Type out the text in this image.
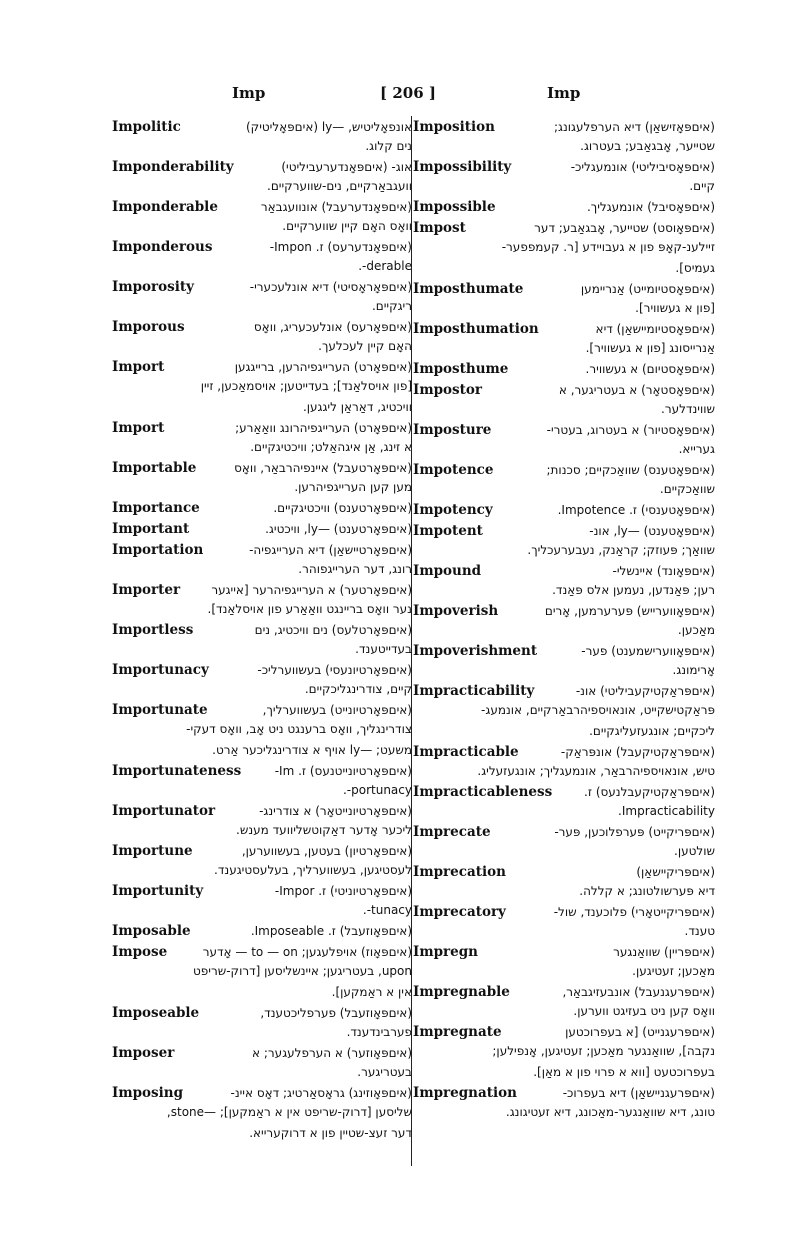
Imp	[ 206 ]	Imp
Impolitic	אונפאָליטיש, —ly (איםפּאָליטיק)
נים קלוג.
Imponderability	אוג- (איםפּאָנדערעביליטי)
וועגבאַרקיים, נים-שווערקיים.
Imponderable	(איםפּאָנדערעבל) אונוועגבאַר
וואָס האָם קיין שווערקיים.
Imponderous	(איםפּאָנדערעס) ז. Impon-
derable-.
Imporosity	(איםפּאָראָסיטי) דיא אונלעכערי-
ריגקיים.
Imporous	(איםפּאָרעס) אונלעכעריג, וואָס
האָם קיין לעכלעך.
Import	(איםפּאָרט) הערייגפיהרען, ברייגגען
[פון אויסלאַנד]; בעדייטען; אויסמאַכען, זיין
וויכטיג, דאַראַן ליגגען.
Import	(איםפּאָרט) הערייגפיהרונג וואַאַרע;
א זינג, אַן איגהאַלט; וויכטיגקיים.
Importable	(איםפּאָרטעבל) איינפיהרבאַר, וואָס
מען קען הערייגפיהרען.
Importance	(איםפּאָרטענס) וויכטיגקיים.
Important	(איםפּאָרטענט) —ly, וויכטיג.
Importation	(איםפּאָרטיישאַן) דיא הערייגפיה-
רונג, דער הערייגפוהר.
Importer	(איםפּאָרטער) א הערייגפיהרער [אייגער
נער וואָס בריינגט וואַאַרע פון אויסלאַנד].
Importless	(איםפּאָרטלעס) נים וויכטיג, נים
בעדייטענד.
Importunacy	(איםפּאָרטיונעסי) בעשווערליכ-
קיים, צודרינגליכקיים.
Importunate	(איםפּאָרטיונייט) בעשווערליך,
צודרינגליך, וואָס ברענגט ניט אָב, וואָס דעקי-
משעט; —ly אויף א צודרינגליכער אַרט.
Importunateness	(איםפּאָרטיונייטנעס) ז. Im-
portunacy-.
Importunator	(איםפּאָרטיונייטאָר) א צודרינג-
ליכער אָדער דאַקוטשליוועד מענש.
Importune	(איםפּאָרטיון) בעטען, בעשווערען,
לעסטיגען, בעשווערליך, בעלעסטיגענד.
Importunity	(איםפּאָרטיוניטי) ז. Impor-
tunacy-.
Imposable	(איםפּאָוזעבל) ז. Imposeable.
Impose	(איםפּאָוז) אויפלעגען; to — on — אָדער
upon, בעטריגען; איינשליסען [דרוק-שריפט
אין א ראַמקען].
Imposeable	(איםפּאָוזעבל) פערפליכטענד,
פערבינדענד.
Imposer	(איםפּאָוזער) א הערפלעגער; א
בעטריגער.
Imposing	(איםפּאָוזינג) גראָסאַרטיג; דאָס איינ-
שליסען [דרוק-שריפט אין א ראַמקען]; —stone,
דער זעצ-שטיין פון א דרוקערייא.
Imposition	(איםפּאָזישאַן) דיא הערפלעגונג;
שטייער, אָבגאַבע; בעטרוג.
Impossibility	(איםפּאָסיביליטי) אונמעגליכ-
קיים.
Impossible	(איםפּאָסיבל) אונמעגליך.
Impost	(איםפּאָוסט) שטייער, אָבגאַבע; דער
זיילענ-קאָפּ פון א געבויידע [ר. קעמפפער-
געמיס].
Imposthumate	(איםפּאָסטיומייט) אַנריימען
[פון א געשוויר].
Imposthumation	(איםפּאָסטיומיישאַן) דיא
אַנרייסונג [פון א געשוויר].
Imposthume	(איםפּאָסטיום) א געשוויר.
Impostor	(איםפּאָסטאָר) א בעטריגער, א
שווינדלער.
Imposture	(איםפּאָסטיור) א בעטרוג, בעטרי-
גערייא.
Impotence	(איםפּאָטענס) שוואַכקיים; סכנות;
שוואַכקיים.
Impotency	(איםפּאָטענסי) ז. Impotence.
Impotent	(איםפּאָטענט) —ly, אונ-
שוואַך; פּעוזק; קראַנק, נעבערעכליך.
Impound	(איםפּאָונד) איינשלי-
רען; פּאַנדען, נעמען אלס פּאַנד.
Impoverish	(איםפּאָווערייש) פּערערמען, אָרים
מאַכען.
Impoverishment	(איםפּאָווערישמענט) פער-
אָרימונג.
Impracticability	(איםפּראַקטיקעביליטי) אונ-
פּראַקטישקייט, אונאויספיהרבאַרקיים, אונמעג-
ליכקיים; אונגעזעליגקיים.
Impracticable	(איםפּראַקטיקעבל) אונפּראַק-
טיש, אונאויספיהרבאַר, אונמעגליך; אונגעזעליג.
Impracticableness	(איםפּראַקטיקעבלנעס) ז.
Impracticability.
Imprecate	(איםפּריקייט) פּערפלוכען, פּער-
שולטען.
Imprecation	(איםפּריקיישאַן)
דיא פּערשולטונג; א קללה.
Imprecatory	(איםפּריקייטאָרי) פלוכענד, שול-
טענד.
Impregn	(איםפּריין) שוואַנגער
מאַכען; זעטיגען.
Impregnable	(איםפּרעגנעבל) אונבעזיגבאַר,
וואָס קען ניט בעזיגט ווערען.
Impregnate	(איםפּרעגנייט) [א בעפרוכטען
נקבה], שוואַנגער מאַכען; זעטיגען, אָנפילען;
בעפרוכטעט [ווא א פרוי פון א מאַן].
Impregnation	(איםפּרעגניישאַן) דיא בעפרוכ-
טונג, דיא שוואַנגער-מאַכונג, דיא זעטיגונג.
